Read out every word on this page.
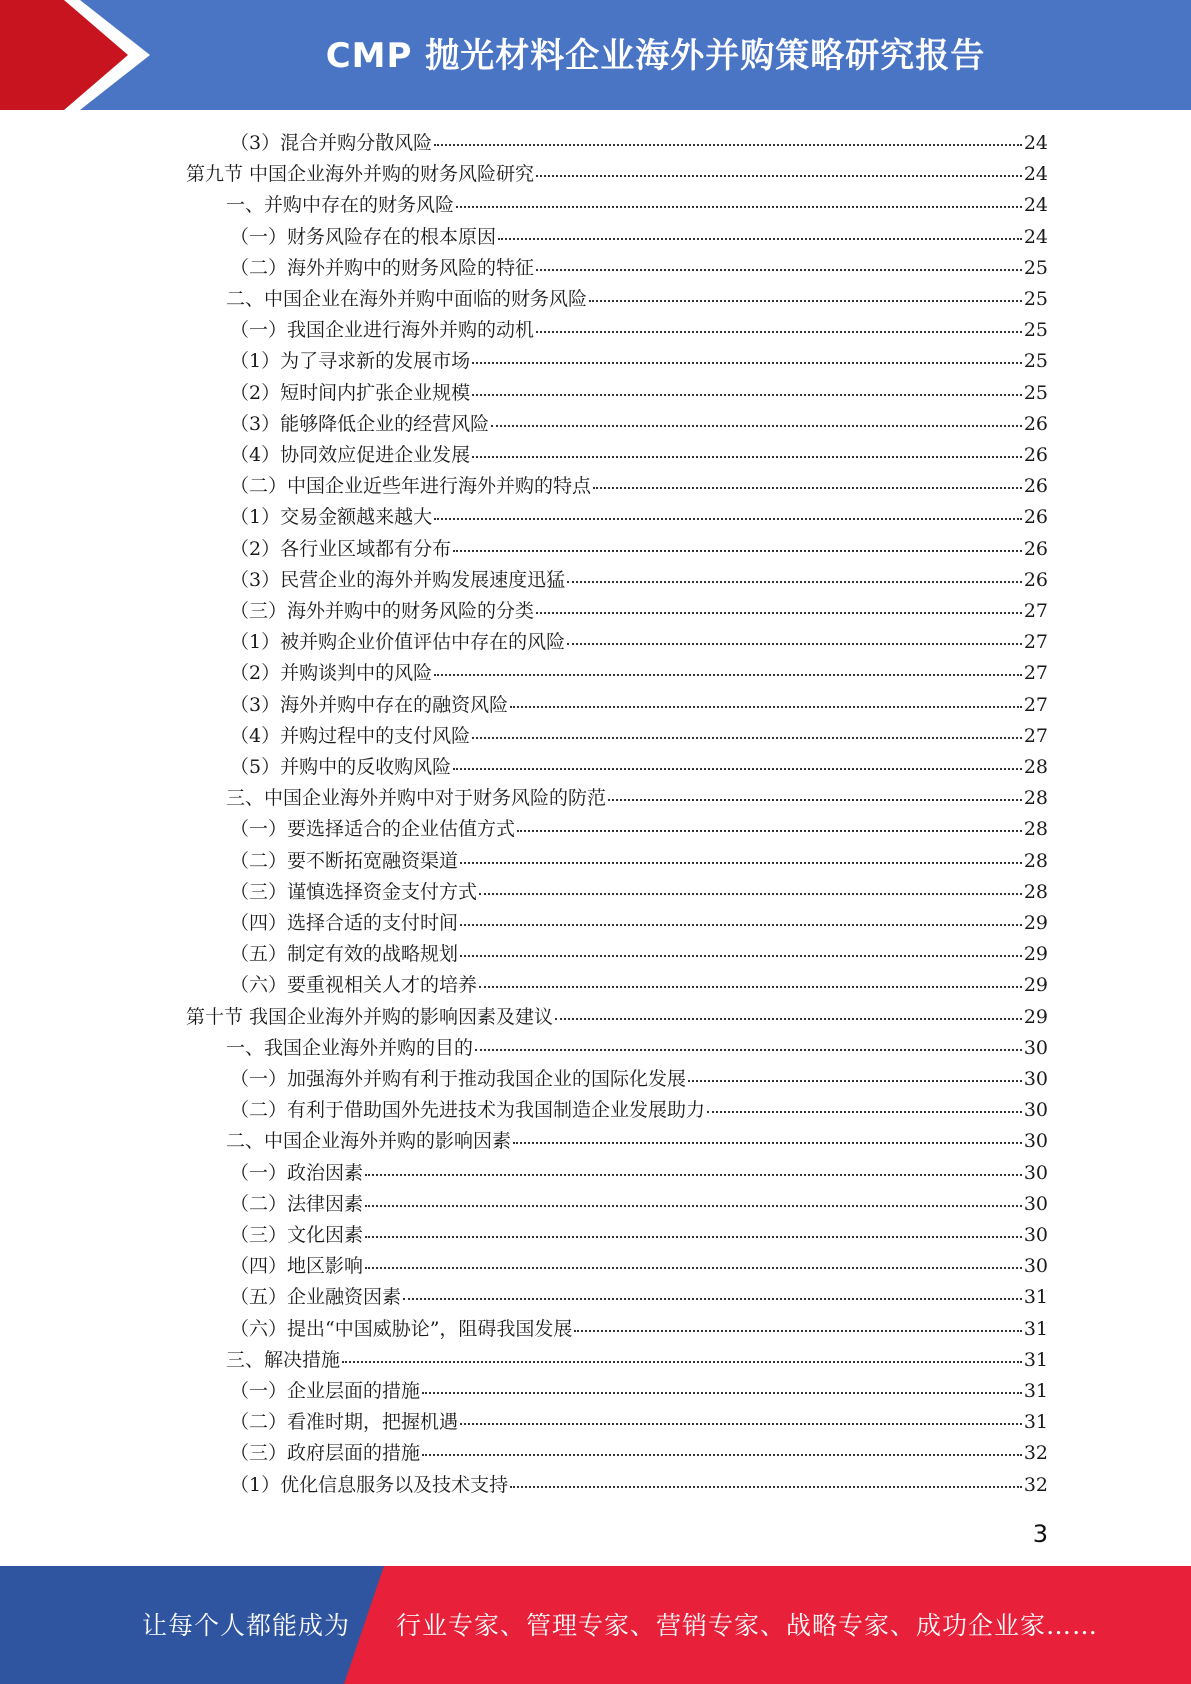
CMP 抛光材料企业海外并购策略研究报告
（3）混合并购分散风险	24
第九节 中国企业海外并购的财务风险研究	24
一、并购中存在的财务风险	24
（一）财务风险存在的根本原因	24
（二）海外并购中的财务风险的特征	25
二、中国企业在海外并购中面临的财务风险	25
（一）我国企业进行海外并购的动机	25
（1）为了寻求新的发展市场	25
（2）短时间内扩张企业规模	25
（3）能够降低企业的经营风险	26
（4）协同效应促进企业发展	26
（二）中国企业近些年进行海外并购的特点	26
（1）交易金额越来越大	26
（2）各行业区域都有分布	26
（3）民营企业的海外并购发展速度迅猛	26
（三）海外并购中的财务风险的分类	27
（1）被并购企业价值评估中存在的风险	27
（2）并购谈判中的风险	27
（3）海外并购中存在的融资风险	27
（4）并购过程中的支付风险	27
（5）并购中的反收购风险	28
三、中国企业海外并购中对于财务风险的防范	28
（一）要选择适合的企业估值方式	28
（二）要不断拓宽融资渠道	28
（三）谨慎选择资金支付方式	28
（四）选择合适的支付时间	29
（五）制定有效的战略规划	29
（六）要重视相关人才的培养	29
第十节 我国企业海外并购的影响因素及建议	29
一、我国企业海外并购的目的	30
（一）加强海外并购有利于推动我国企业的国际化发展	30
（二）有利于借助国外先进技术为我国制造企业发展助力	30
二、中国企业海外并购的影响因素	30
（一）政治因素	30
（二）法律因素	30
（三）文化因素	30
（四）地区影响	30
（五）企业融资因素	31
（六）提出“中国威胁论”，阻碍我国发展	31
三、解决措施	31
（一）企业层面的措施	31
（二）看准时期，把握机遇	31
（三）政府层面的措施	32
（1）优化信息服务以及技术支持	32
3
让每个人都能成为 行业专家、管理专家、营销专家、战略专家、成功企业家……
